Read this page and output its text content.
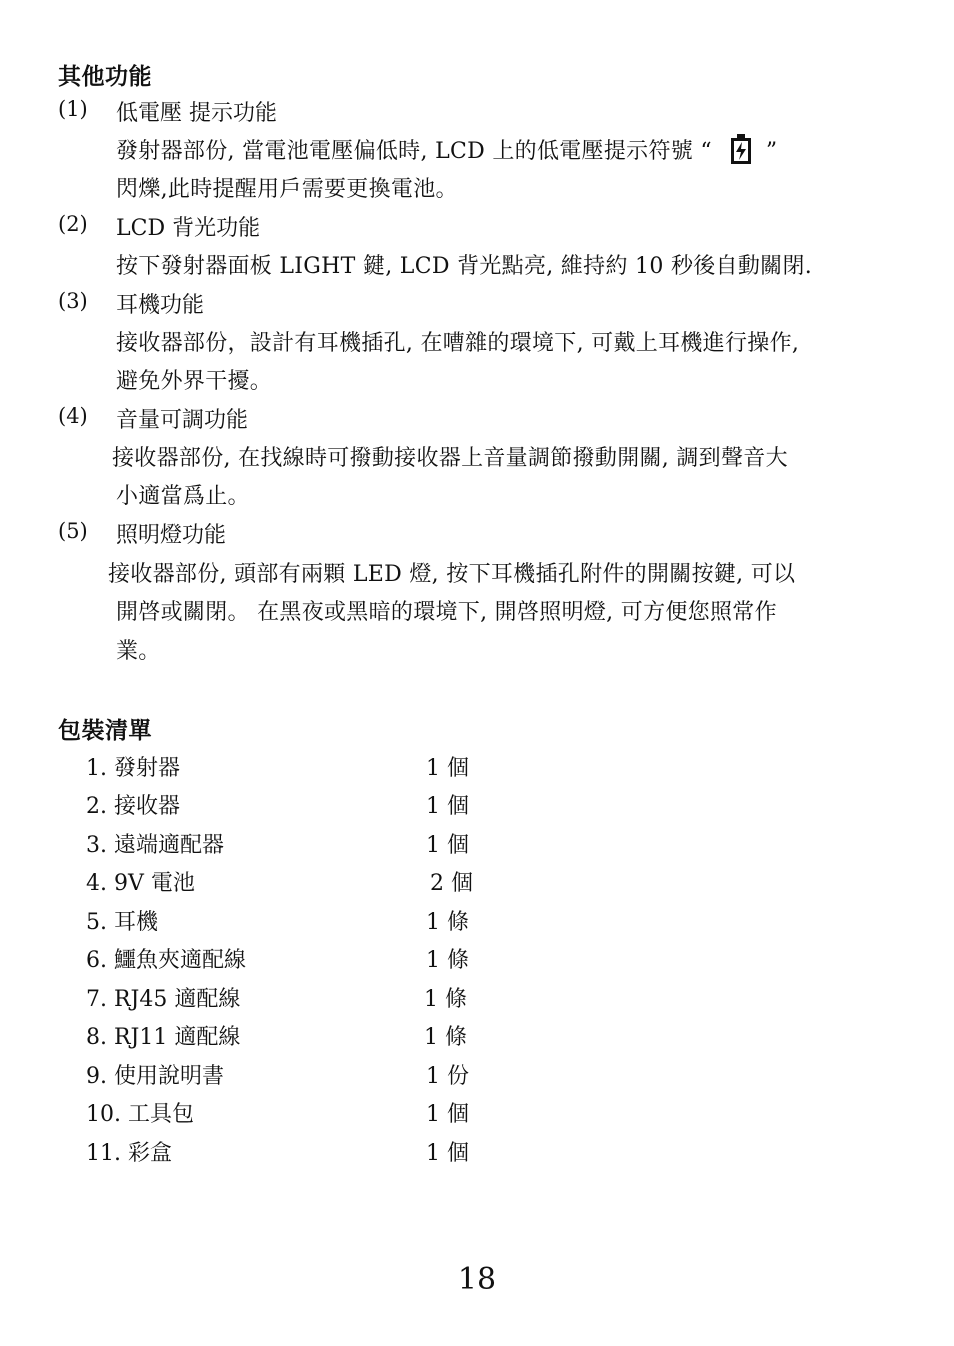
其他功能
(1) 低電壓 提示功能
發射器部份, 當電池電壓偏低時, LCD 上的低電壓提示符號 “ ”
閃爍,此時提醒用戶需要更換電池。
(2) LCD 背光功能
按下發射器面板 LIGHT 鍵, LCD 背光點亮, 維持約 10 秒後自動關閉.
(3) 耳機功能
接收器部份，設計有耳機插孔, 在嘈雜的環境下, 可戴上耳機進行操作,
避免外界干擾。
(4) 音量可調功能
接收器部份, 在找線時可撥動接收器上音量調節撥動開關, 調到聲音大
小適當爲止。
(5) 照明燈功能
接收器部份, 頭部有兩顆 LED 燈, 按下耳機插孔附件的開關按鍵, 可以
開啓或關閉。 在黑夜或黑暗的環境下, 開啓照明燈, 可方便您照常作
業。
包裝清單
1. 發射器	1 個
2. 接收器	1 個
3. 遠端適配器	1 個
4. 9V 電池	2 個
5. 耳機	1 條
6. 鱷魚夾適配線	1 條
7. RJ45 適配線	1 條
8. RJ11 適配線	1 條
9. 使用說明書	1 份
10. 工具包	1 個
11. 彩盒	1 個
18
